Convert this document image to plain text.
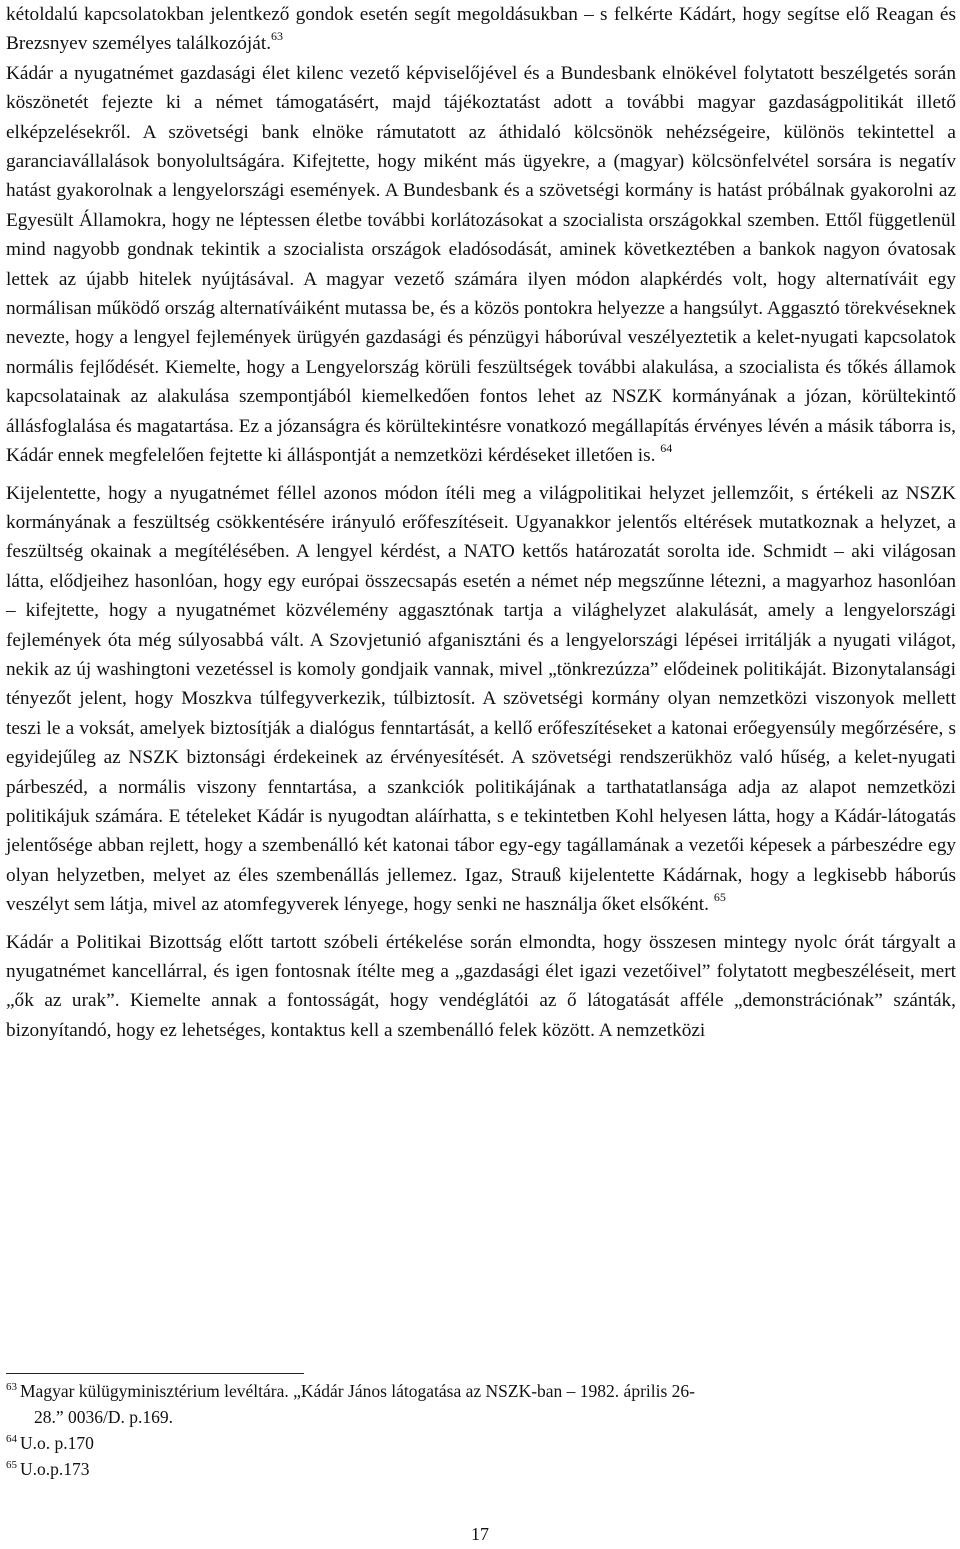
kétoldalú kapcsolatokban jelentkező gondok esetén segít megoldásukban – s felkérte Kádárt, hogy segítse elő Reagan és Brezsnyev személyes találkozóját.$^{63}$

Kádár a nyugatnémet gazdasági élet kilenc vezető képviselőjével és a Bundesbank elnökével folytatott beszélgetés során köszönetét fejezte ki a német támogatásért, majd tájékoztatást adott a további magyar gazdaságpolitikát illető elképzelésekről. A szövetségi bank elnöke rámutatott az áthidaló kölcsönök nehézségeire, különös tekintettel a garanciavállalások bonyolultságára. Kifejtette, hogy miként más ügyekre, a (magyar) kölcsönfelvétel sorsára is negatív hatást gyakorolnak a lengyelországi események. A Bundesbank és a szövetségi kormány is hatást próbálnak gyakorolni az Egyesült Államokra, hogy ne léptessen életbe további korlátozásokat a szocialista országokkal szemben. Ettől függetlenül mind nagyobb gondnak tekintik a szocialista országok eladósodását, aminek következtében a bankok nagyon óvatosak lettek az újabb hitelek nyújtásával. A magyar vezető számára ilyen módon alapkérdés volt, hogy alternatíváit egy normálisan működő ország alternatíváiként mutassa be, és a közös pontokra helyezze a hangsúlyt. Aggasztó törekvéseknek nevezte, hogy a lengyel fejlemények ürügyén gazdasági és pénzügyi háborúval veszélyeztetik a kelet-nyugati kapcsolatok normális fejlődését. Kiemelte, hogy a Lengyelország körüli feszültségek további alakulása, a szocialista és tőkés államok kapcsolatainak az alakulása szempontjából kiemelkedően fontos lehet az NSZK kormányának a józan, körültekintő állásfoglalása és magatartása. Ez a józanságra és körültekintésre vonatkozó megállapítás érvényes lévén a másik táborra is, Kádár ennek megfelelően fejtette ki álláspontját a nemzetközi kérdéseket illetően is. $^{64}$

Kijelentette, hogy a nyugatnémet féllel azonos módon ítéli meg a világpolitikai helyzet jellemzőit, s értékeli az NSZK kormányának a feszültség csökkentésére irányuló erőfeszítéseit. Ugyanakkor jelentős eltérések mutatkoznak a helyzet, a feszültség okainak a megítélésében. A lengyel kérdést, a NATO kettős határozatát sorolta ide. Schmidt – aki világosan látta, elődjeihez hasonlóan, hogy egy európai összecsapás esetén a német nép megszűnne létezni, a magyarhoz hasonlóan – kifejtette, hogy a nyugatnémet közvélemény aggasztónak tartja a világhelyzet alakulását, amely a lengyelországi fejlemények óta még súlyosabbá vált. A Szovjetunió afganisztáni és a lengyelországi lépései irritálják a nyugati világot, nekik az új washingtoni vezetéssel is komoly gondjaik vannak, mivel „tönkrezúzza” elődeinek politikáját. Bizonytalansági tényezőt jelent, hogy Moszkva túlfegyverkezik, túlbiztosít. A szövetségi kormány olyan nemzetközi viszonyok mellett teszi le a voksát, amelyek biztosítják a dialógus fenntartását, a kellő erőfeszítéseket a katonai erőegyensúly megőrzésére, s egyidejűleg az NSZK biztonsági érdekeinek az érvényesítését. A szövetségi rendszerükhöz való hűség, a kelet-nyugati párbeszéd, a normális viszony fenntartása, a szankciók politikájának a tarthatatlansága adja az alapot nemzetközi politikájuk számára. E tételeket Kádár is nyugodtan aláírhatta, s e tekintetben Kohl helyesen látta, hogy a Kádár-látogatás jelentősége abban rejlett, hogy a szembenálló két katonai tábor egy-egy tagállamának a vezetői képesek a párbeszédre egy olyan helyzetben, melyet az éles szembenállás jellemez. Igaz, Strauß kijelentette Kádárnak, hogy a legkisebb háborús veszélyt sem látja, mivel az atomfegyverek lényege, hogy senki ne használja őket elsőként. $^{65}$

Kádár a Politikai Bizottság előtt tartott szóbeli értékelése során elmondta, hogy összesen mintegy nyolc órát tárgyalt a nyugatnémet kancellárral, és igen fontosnak ítélte meg a „gazdasági élet igazi vezetőivel” folytatott megbeszéléseit, mert „ők az urak”. Kiemelte annak a fontosságát, hogy vendéglátói az ő látogatását afféle „demonstrációnak” szánták, bizonyítandó, hogy ez lehetséges, kontaktus kell a szembenálló felek között. A nemzetközi

$^{63}$ Magyar külügyminisztérium levéltára. „Kádár János látogatása az NSZK-ban – 1982. április 26-
28.” 0036/D. p.169.
$^{64}$ U.o. p.170
$^{65}$ U.o.p.173
17
